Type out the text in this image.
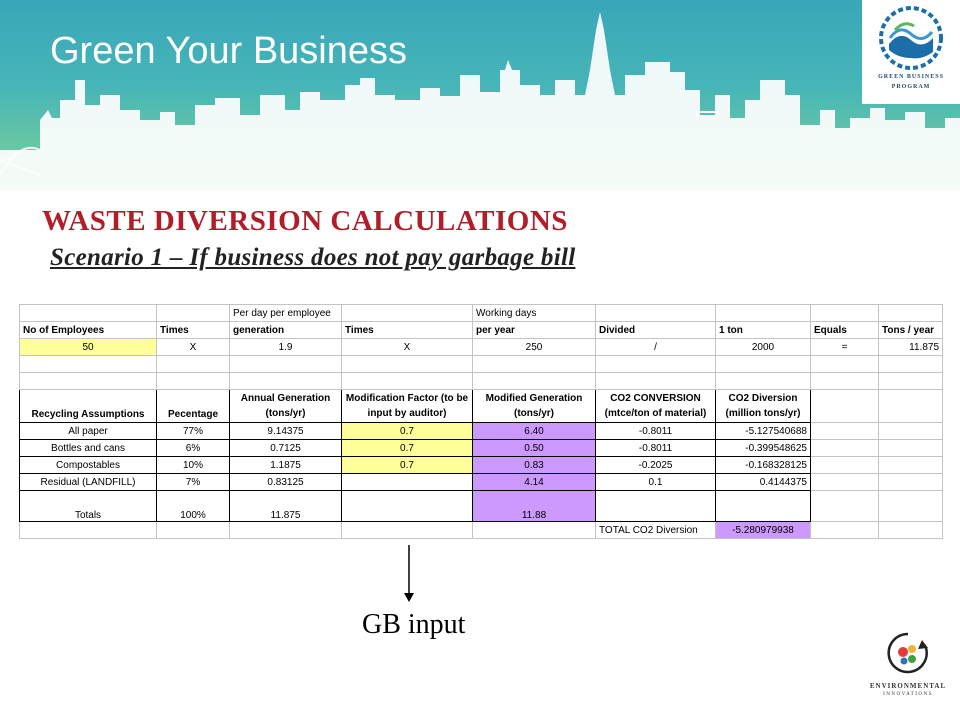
Green Your Business
GREEN BUSINESS
PROGRAM
WASTE DIVERSION CALCULATIONS
Scenario 1 – If business does not pay garbage bill
		Per day per employee		Working days				
No of Employees	Times	generation	Times	per year	Divided	1 ton	Equals	Tons / year
50	X	1.9	X	250	/	2000	=	11.875

Recycling Assumptions	Pecentage	Annual Generation (tons/yr)	Modification Factor (to be input by auditor)	Modified Generation (tons/yr)	CO2 CONVERSION (mtce/ton of material)	CO2 Diversion (million tons/yr)		
All paper	77%	9.14375	0.7	6.40	-0.8011	-5.127540688		
Bottles and cans	6%	0.7125	0.7	0.50	-0.8011	-0.399548625		
Compostables	10%	1.1875	0.7	0.83	-0.2025	-0.168328125		
Residual (LANDFILL)	7%	0.83125		4.14	0.1	0.4144375		
Totals	100%	11.875		11.88				
					TOTAL CO2 Diversion	-5.280979938		
GB input
ENVIRONMENTAL
INNOVATIONS
